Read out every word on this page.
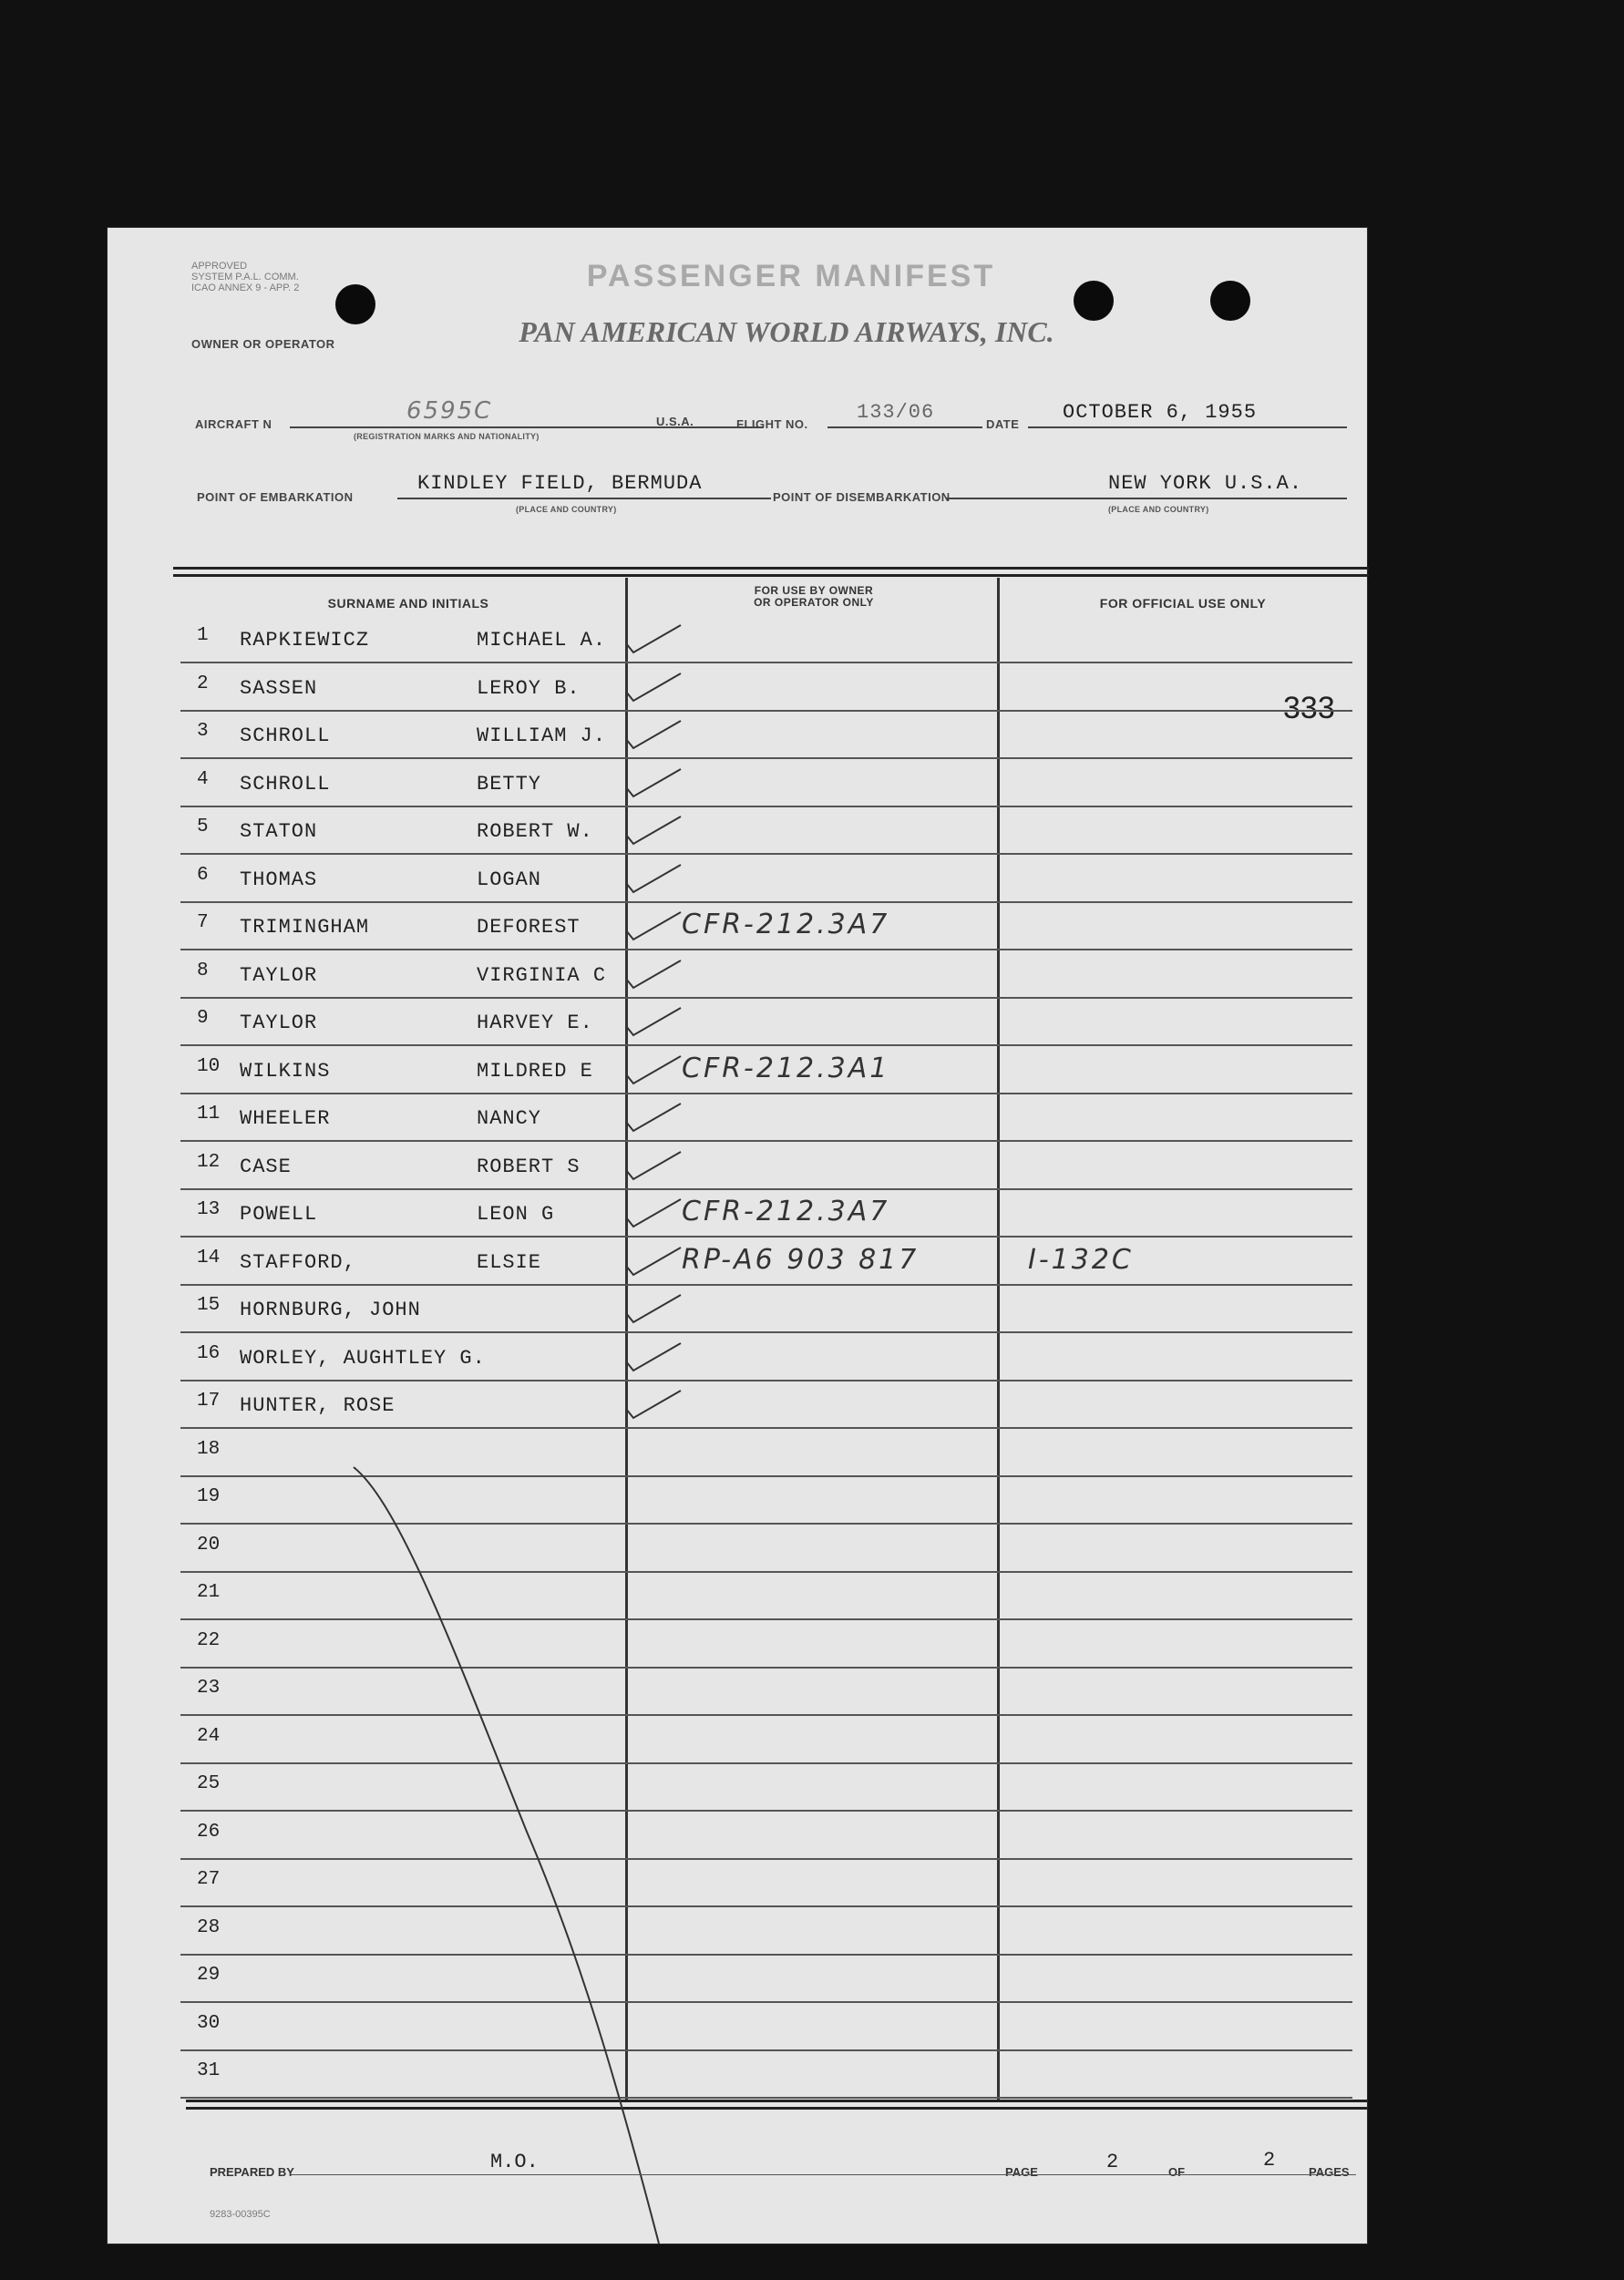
APPROVED
SYSTEM P.A.L. COMM.
ICAO ANNEX 9 - APP. 2	PASSENGER MANIFEST
PAN AMERICAN WORLD AIRWAYS, INC.
OWNER OR OPERATOR
AIRCRAFT N	6595C
(REGISTRATION MARKS AND NATIONALITY)
U.S.A.	FLIGHT NO.
133/06
DATE
OCTOBER 6, 1955
POINT OF EMBARKATION
KINDLEY FIELD, BERMUDA
(PLACE AND COUNTRY)
POINT OF DISEMBARKATION
NEW YORK U.S.A.
(PLACE AND COUNTRY)
SURNAME AND INITIALS
FOR USE BY OWNER
OR OPERATOR ONLY	FOR OFFICIAL USE ONLY
333
1	RAPKIEWICZ	MICHAEL A.
2	SASSEN	LEROY B.
3	SCHROLL	WILLIAM J.
4	SCHROLL	BETTY
5	STATON	ROBERT W.
6	THOMAS	LOGAN
7	TRIMINGHAM	DEFOREST	CFR-212.3A7
8	TAYLOR	VIRGINIA C
9	TAYLOR	HARVEY E.
10 WILKINS	MILDRED E	CFR-212.3A1
11 WHEELER	NANCY
12 CASE	ROBERT S
13 POWELL	LEON G	CFR-212.3A7
14 STAFFORD,	ELSIE	RP-A6 903 817	I-132C
15 HORNBURG, JOHN
16 WORLEY, AUGHTLEY G.
17 HUNTER, ROSE
18
19
20
21
22
23
24
25
26
27
28
29
30
31
PREPARED BY	M.O.	PAGE	2	OF
2
PAGES
9283-00395C
